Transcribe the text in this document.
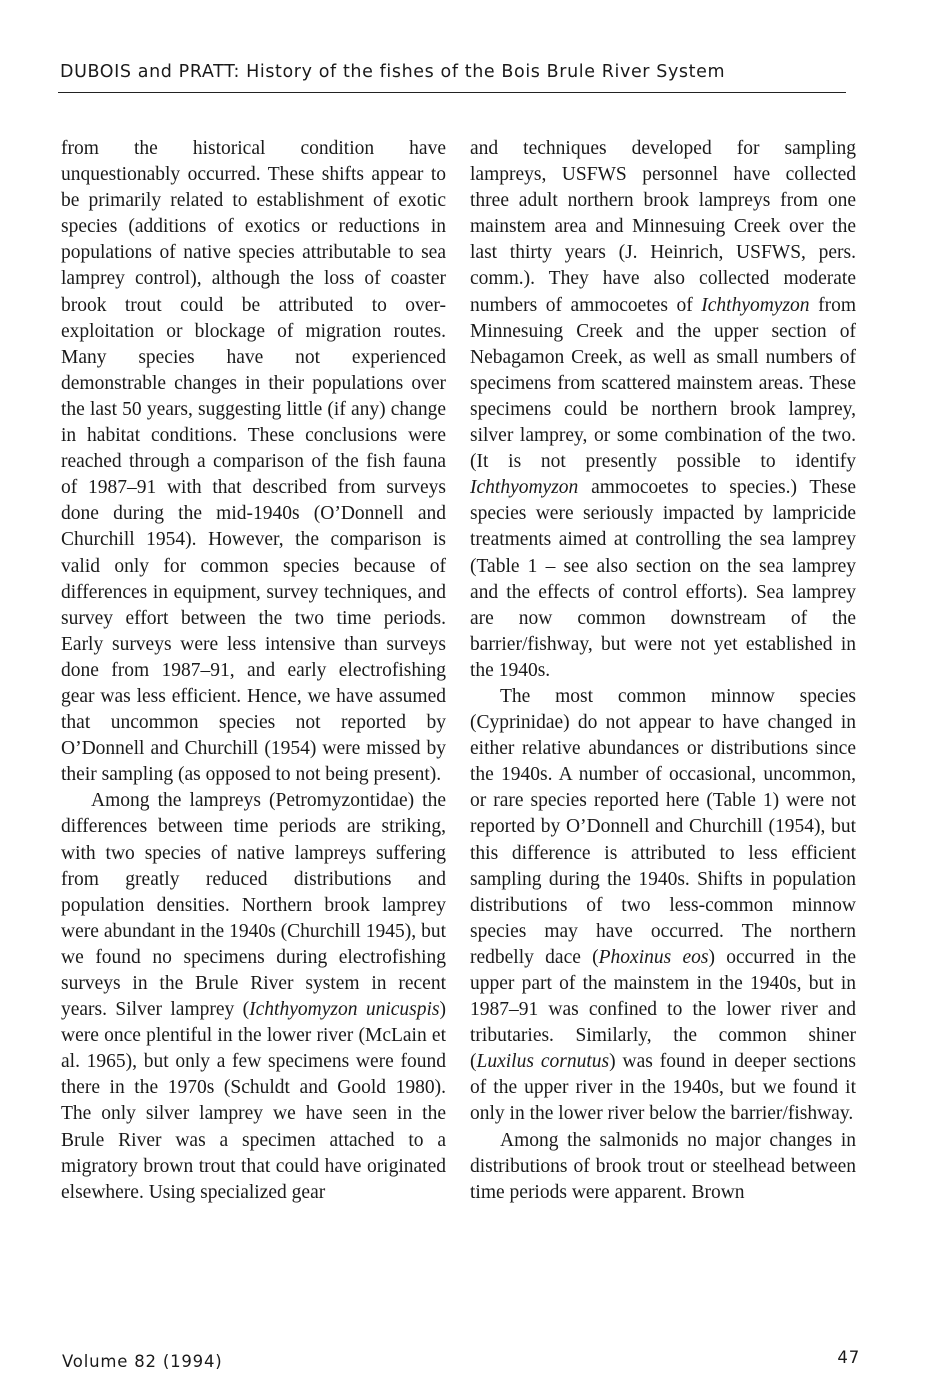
DUBOIS and PRATT: History of the fishes of the Bois Brule River System

from the historical condition have unquestionably occurred. These shifts appear to be primarily related to establishment of exotic species (additions of exotics or reductions in populations of native species attributable to sea lamprey control), although the loss of coaster brook trout could be attributed to over-exploitation or blockage of migration routes. Many species have not experienced demonstrable changes in their populations over the last 50 years, suggesting little (if any) change in habitat conditions. These conclusions were reached through a comparison of the fish fauna of 1987–91 with that described from surveys done during the mid-1940s (O’Donnell and Churchill 1954). However, the comparison is valid only for common species because of differences in equipment, survey techniques, and survey effort between the two time periods. Early surveys were less intensive than surveys done from 1987–91, and early electrofishing gear was less efficient. Hence, we have assumed that uncommon species not reported by O’Donnell and Churchill (1954) were missed by their sampling (as opposed to not being present).

Among the lampreys (Petromyzontidae) the differences between time periods are striking, with two species of native lampreys suffering from greatly reduced distributions and population densities. Northern brook lamprey were abundant in the 1940s (Churchill 1945), but we found no specimens during electrofishing surveys in the Brule River system in recent years. Silver lamprey (Ichthyomyzon unicuspis) were once plentiful in the lower river (McLain et al. 1965), but only a few specimens were found there in the 1970s (Schuldt and Goold 1980). The only silver lamprey we have seen in the Brule River was a specimen attached to a migratory brown trout that could have originated elsewhere. Using specialized gear

and techniques developed for sampling lampreys, USFWS personnel have collected three adult northern brook lampreys from one mainstem area and Minnesuing Creek over the last thirty years (J. Heinrich, USFWS, pers. comm.). They have also collected moderate numbers of ammocoetes of Ichthyomyzon from Minnesuing Creek and the upper section of Nebagamon Creek, as well as small numbers of specimens from scattered mainstem areas. These specimens could be northern brook lamprey, silver lamprey, or some combination of the two. (It is not presently possible to identify Ichthyomyzon ammocoetes to species.) These species were seriously impacted by lampricide treatments aimed at controlling the sea lamprey (Table 1 – see also section on the sea lamprey and the effects of control efforts). Sea lamprey are now common downstream of the barrier/fishway, but were not yet established in the 1940s.

The most common minnow species (Cyprinidae) do not appear to have changed in either relative abundances or distributions since the 1940s. A number of occasional, uncommon, or rare species reported here (Table 1) were not reported by O’Donnell and Churchill (1954), but this difference is attributed to less efficient sampling during the 1940s. Shifts in population distributions of two less-common minnow species may have occurred. The northern redbelly dace (Phoxinus eos) occurred in the upper part of the mainstem in the 1940s, but in 1987–91 was confined to the lower river and tributaries. Similarly, the common shiner (Luxilus cornutus) was found in deeper sections of the upper river in the 1940s, but we found it only in the lower river below the barrier/fishway.

Among the salmonids no major changes in distributions of brook trout or steelhead between time periods were apparent. Brown

Volume 82 (1994)	47
